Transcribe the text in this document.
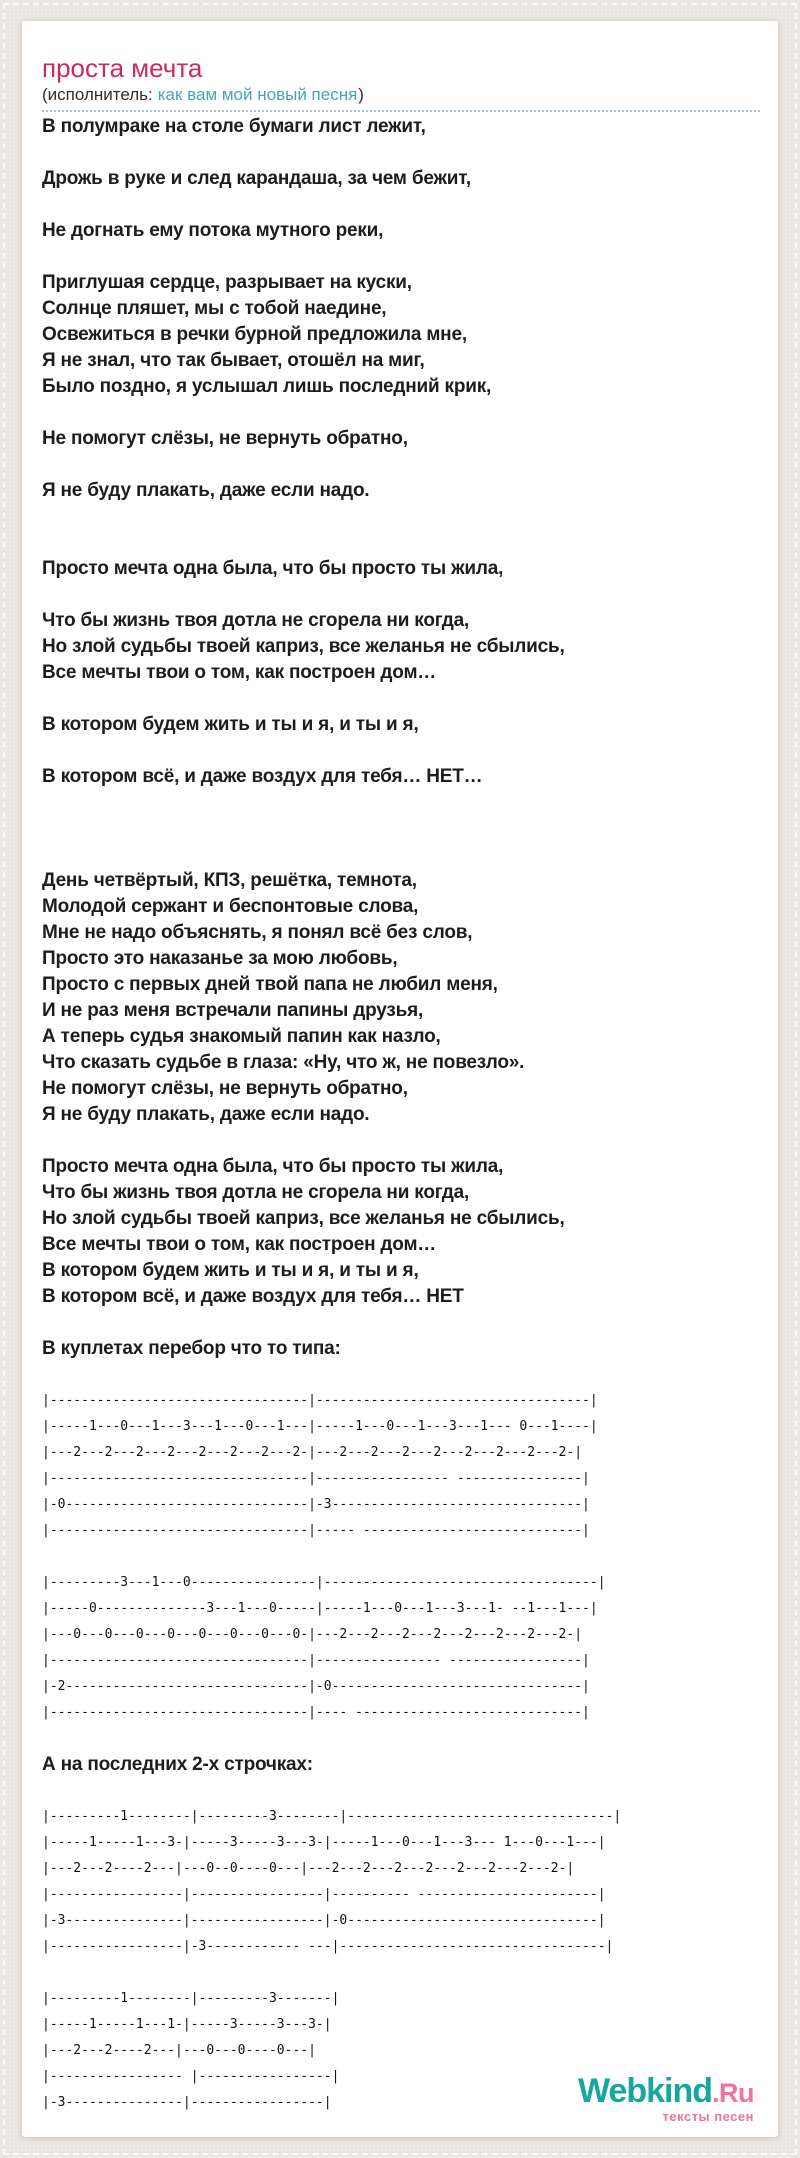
проста мечта
(исполнитель: как вам мой новый песня)
В полумраке на столе бумаги лист лежит,

Дрожь в руке и след карандаша, за чем бежит,

Не догнать ему потока мутного реки,

Приглушая сердце, разрывает на куски,
Солнце пляшет, мы с тобой наедине,
Освежиться в речки бурной предложила мне,
Я не знал, что так бывает, отошёл на миг,
Было поздно, я услышал лишь последний крик,

Не помогут слёзы, не вернуть обратно,

Я не буду плакать, даже если надо.

Просто мечта одна была, что бы просто ты жила,

Что бы жизнь твоя дотла не сгорела ни когда,
Но злой судьбы твоей каприз, все желанья не сбылись,
Все мечты твои о том, как построен дом…

В котором будем жить и ты и я, и ты и я,

В котором всё, и даже воздух для тебя… НЕТ…

День четвёртый, КПЗ, решётка, темнота,
Молодой сержант и беспонтовые слова,
Мне не надо объяснять, я понял всё без слов,
Просто это наказанье за мою любовь,
Просто с первых дней твой папа не любил меня,
И не раз меня встречали папины друзья,
А теперь судья знакомый папин как назло,
Что сказать судьбе в глаза: «Ну, что ж, не повезло».
Не помогут слёзы, не вернуть обратно,
Я не буду плакать, даже если надо.

Просто мечта одна была, что бы просто ты жила,
Что бы жизнь твоя дотла не сгорела ни когда,
Но злой судьбы твоей каприз, все желанья не сбылись,
Все мечты твои о том, как построен дом…
В котором будем жить и ты и я, и ты и я,
В котором всё, и даже воздух для тебя… НЕТ

В куплетах перебор что то типа:

|---------------------------------|-----------------------------------|
|-----1---0---1---3---1---0---1---|-----1---0---1---3---1--- 0---1----|
|---2---2---2---2---2---2---2---2-|---2---2---2---2---2---2---2---2-|
|---------------------------------|----------------- ----------------|
|-0-------------------------------|-3--------------------------------|
|---------------------------------|----- ----------------------------|

|---------3---1---0----------------|-----------------------------------|
|-----0--------------3---1---0-----|-----1---0---1---3---1- --1---1---|
|---0---0---0---0---0---0---0---0-|---2---2---2---2---2---2---2---2-|
|---------------------------------|---------------- -----------------|
|-2-------------------------------|-0--------------------------------|
|---------------------------------|---- -----------------------------|

А на последних 2-х строчках:

|---------1--------|---------3--------|----------------------------------|
|-----1-----1---3-|-----3-----3---3-|-----1---0---1---3--- 1---0---1---|
|---2---2----2---|---0--0----0---|---2---2---2---2---2---2---2---2-|
|-----------------|-----------------|---------- -----------------------|
|-3---------------|-----------------|-0--------------------------------|
|-----------------|-3------------ ---|----------------------------------|

|---------1--------|---------3-------|
|-----1-----1---1-|-----3-----3---3-|
|---2---2----2---|---0---0----0---|
|----------------- |-----------------|
|-3---------------|-----------------|	Webkind.Ru
тексты песен
